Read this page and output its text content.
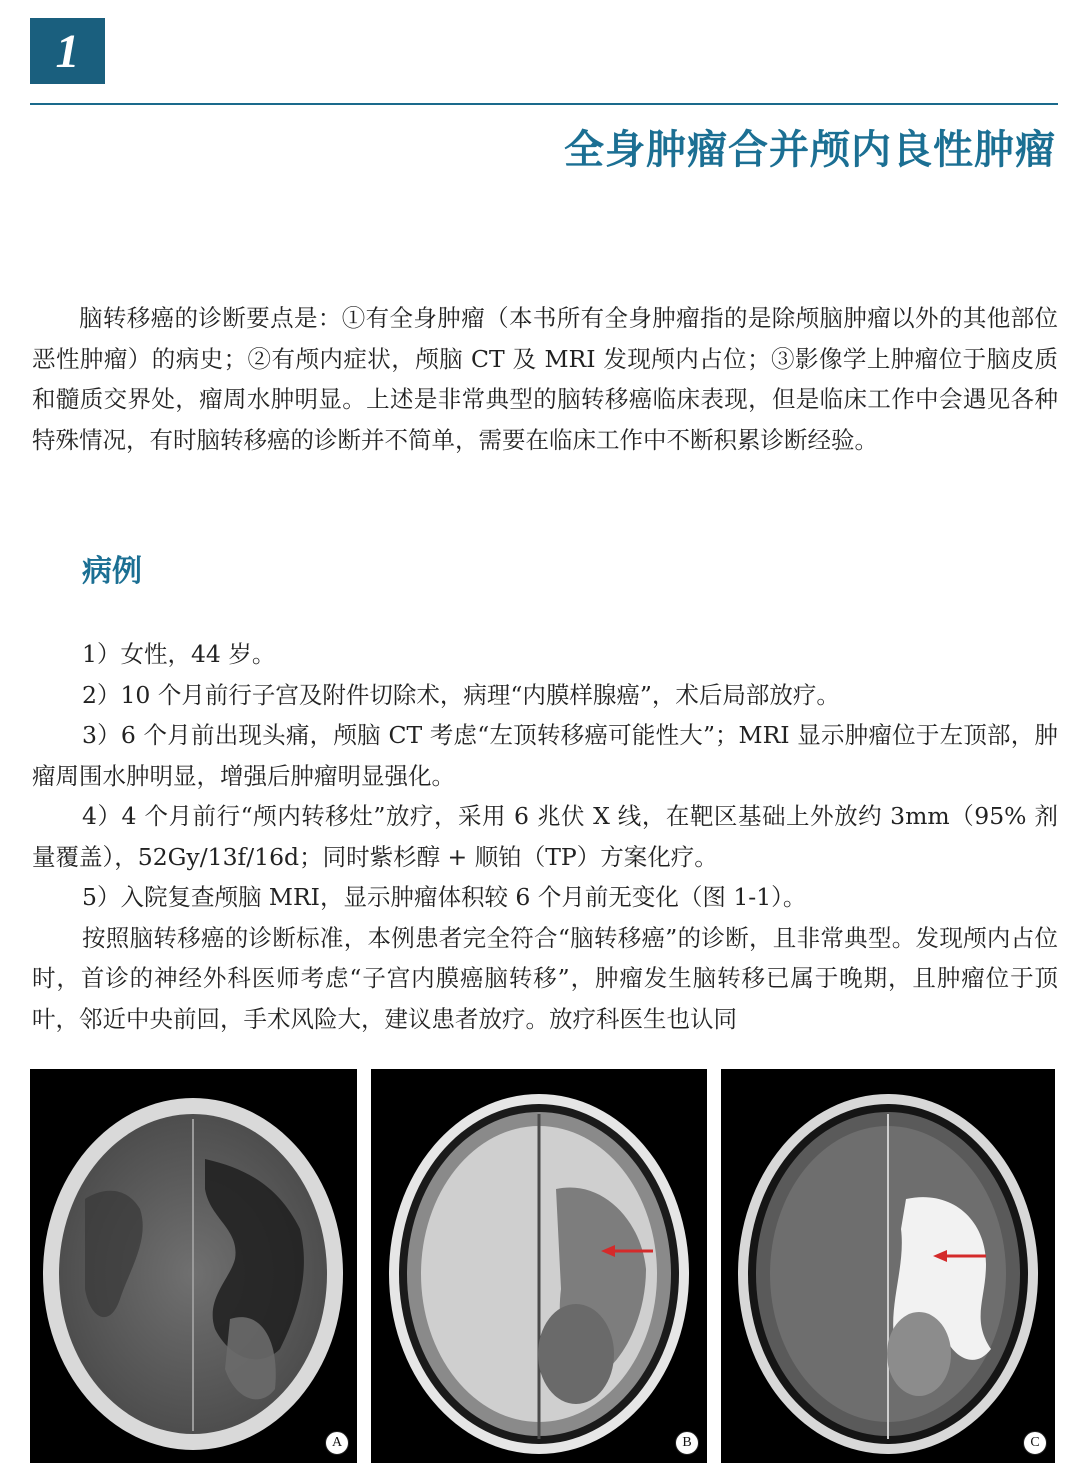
1
全身肿瘤合并颅内良性肿瘤

脑转移癌的诊断要点是：①有全身肿瘤（本书所有全身肿瘤指的是除颅脑肿瘤以外的其他部位恶性肿瘤）的病史；②有颅内症状，颅脑 CT 及 MRI 发现颅内占位；③影像学上肿瘤位于脑皮质和髓质交界处，瘤周水肿明显。上述是非常典型的脑转移癌临床表现，但是临床工作中会遇见各种特殊情况，有时脑转移癌的诊断并不简单，需要在临床工作中不断积累诊断经验。

病例

1）女性，44 岁。

2）10 个月前行子宫及附件切除术，病理“内膜样腺癌”，术后局部放疗。

3）6 个月前出现头痛，颅脑 CT 考虑“左顶转移癌可能性大”；MRI 显示肿瘤位于左顶部，肿瘤周围水肿明显，增强后肿瘤明显强化。

4）4 个月前行“颅内转移灶”放疗，采用 6 兆伏 X 线，在靶区基础上外放约 3mm（95% 剂量覆盖），52Gy/13f/16d；同时紫杉醇 + 顺铂（TP）方案化疗。

5）入院复查颅脑 MRI，显示肿瘤体积较 6 个月前无变化（图 1-1）。

按照脑转移癌的诊断标准，本例患者完全符合“脑转移癌”的诊断，且非常典型。发现颅内占位时，首诊的神经外科医师考虑“子宫内膜癌脑转移”，肿瘤发生脑转移已属于晚期，且肿瘤位于顶叶，邻近中央前回，手术风险大，建议患者放疗。放疗科医生也认同

A	B	C
